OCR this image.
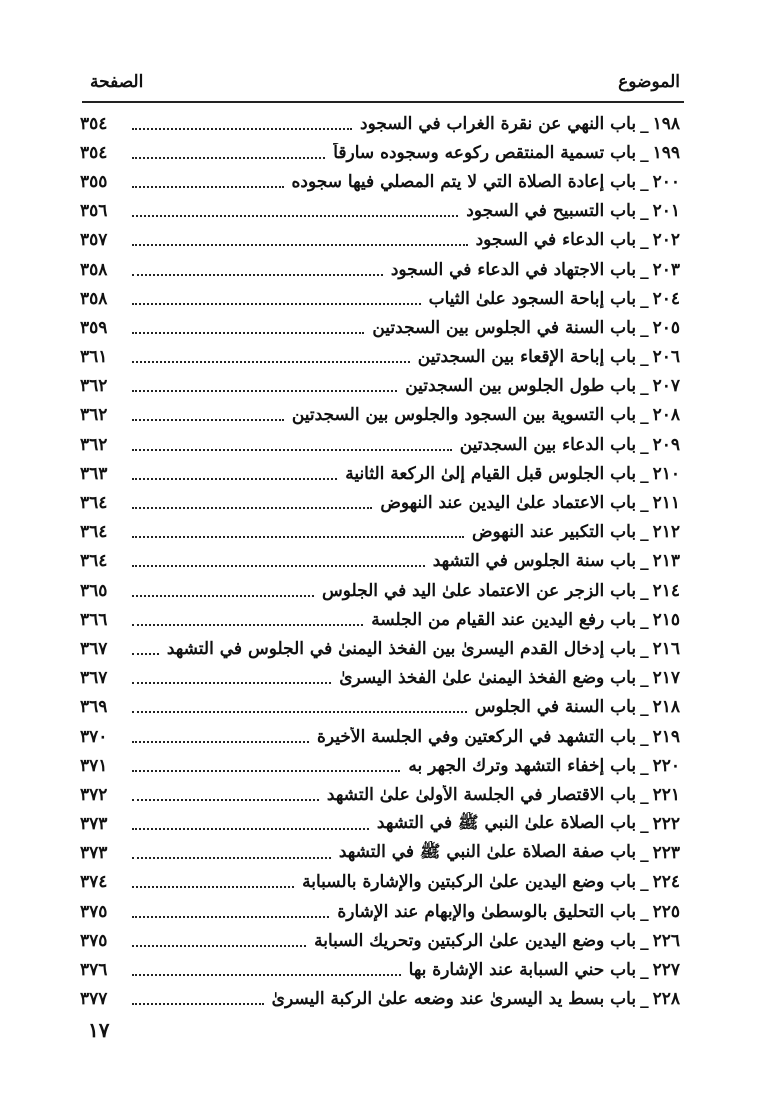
الموضوع
الصفحة
١٩٨
_
باب النهي عن نقرة الغراب في السجود
٣٥٤
١٩٩
_
باب تسمية المنتقص ركوعه وسجوده سارقاً
٣٥٤
٢٠٠
_
باب إعادة الصلاة التي لا يتم المصلي فيها سجوده
٣٥٥
٢٠١
_
باب التسبيح في السجود
٣٥٦
٢٠٢
_
باب الدعاء في السجود
٣٥٧
٢٠٣
_
باب الاجتهاد في الدعاء في السجود
٣٥٨
٢٠٤
_
باب إباحة السجود علىٰ الثياب
٣٥٨
٢٠٥
_
باب السنة في الجلوس بين السجدتين
٣٥٩
٢٠٦
_
باب إباحة الإقعاء بين السجدتين
٣٦١
٢٠٧
_
باب طول الجلوس بين السجدتين
٣٦٢
٢٠٨
_
باب التسوية بين السجود والجلوس بين السجدتين
٣٦٢
٢٠٩
_
باب الدعاء بين السجدتين
٣٦٢
٢١٠
_
باب الجلوس قبل القيام إلىٰ الركعة الثانية
٣٦٣
٢١١
_
باب الاعتماد علىٰ اليدين عند النهوض
٣٦٤
٢١٢
_
باب التكبير عند النهوض
٣٦٤
٢١٣
_
باب سنة الجلوس في التشهد
٣٦٤
٢١٤
_
باب الزجر عن الاعتماد علىٰ اليد في الجلوس
٣٦٥
٢١٥
_
باب رفع اليدين عند القيام من الجلسة
٣٦٦
٢١٦
_
باب إدخال القدم اليسرىٰ بين الفخذ اليمنىٰ في الجلوس في التشهد
٣٦٧
٢١٧
_
باب وضع الفخذ اليمنىٰ علىٰ الفخذ اليسرىٰ
٣٦٧
٢١٨
_
باب السنة في الجلوس
٣٦٩
٢١٩
_
باب التشهد في الركعتين وفي الجلسة الأخيرة
٣٧٠
٢٢٠
_
باب إخفاء التشهد وترك الجهر به
٣٧١
٢٢١
_
باب الاقتصار في الجلسة الأولىٰ علىٰ التشهد
٣٧٢
٢٢٢
_
باب الصلاة علىٰ النبي ﷺ في التشهد
٣٧٣
٢٢٣
_
باب صفة الصلاة علىٰ النبي ﷺ في التشهد
٣٧٣
٢٢٤
_
باب وضع اليدين علىٰ الركبتين والإشارة بالسبابة
٣٧٤
٢٢٥
_
باب التحليق بالوسطىٰ والإبهام عند الإشارة
٣٧٥
٢٢٦
_
باب وضع اليدين علىٰ الركبتين وتحريك السبابة
٣٧٥
٢٢٧
_
باب حني السبابة عند الإشارة بها
٣٧٦
٢٢٨
_
باب بسط يد اليسرىٰ عند وضعه علىٰ الركبة اليسرىٰ
٣٧٧
١٧
